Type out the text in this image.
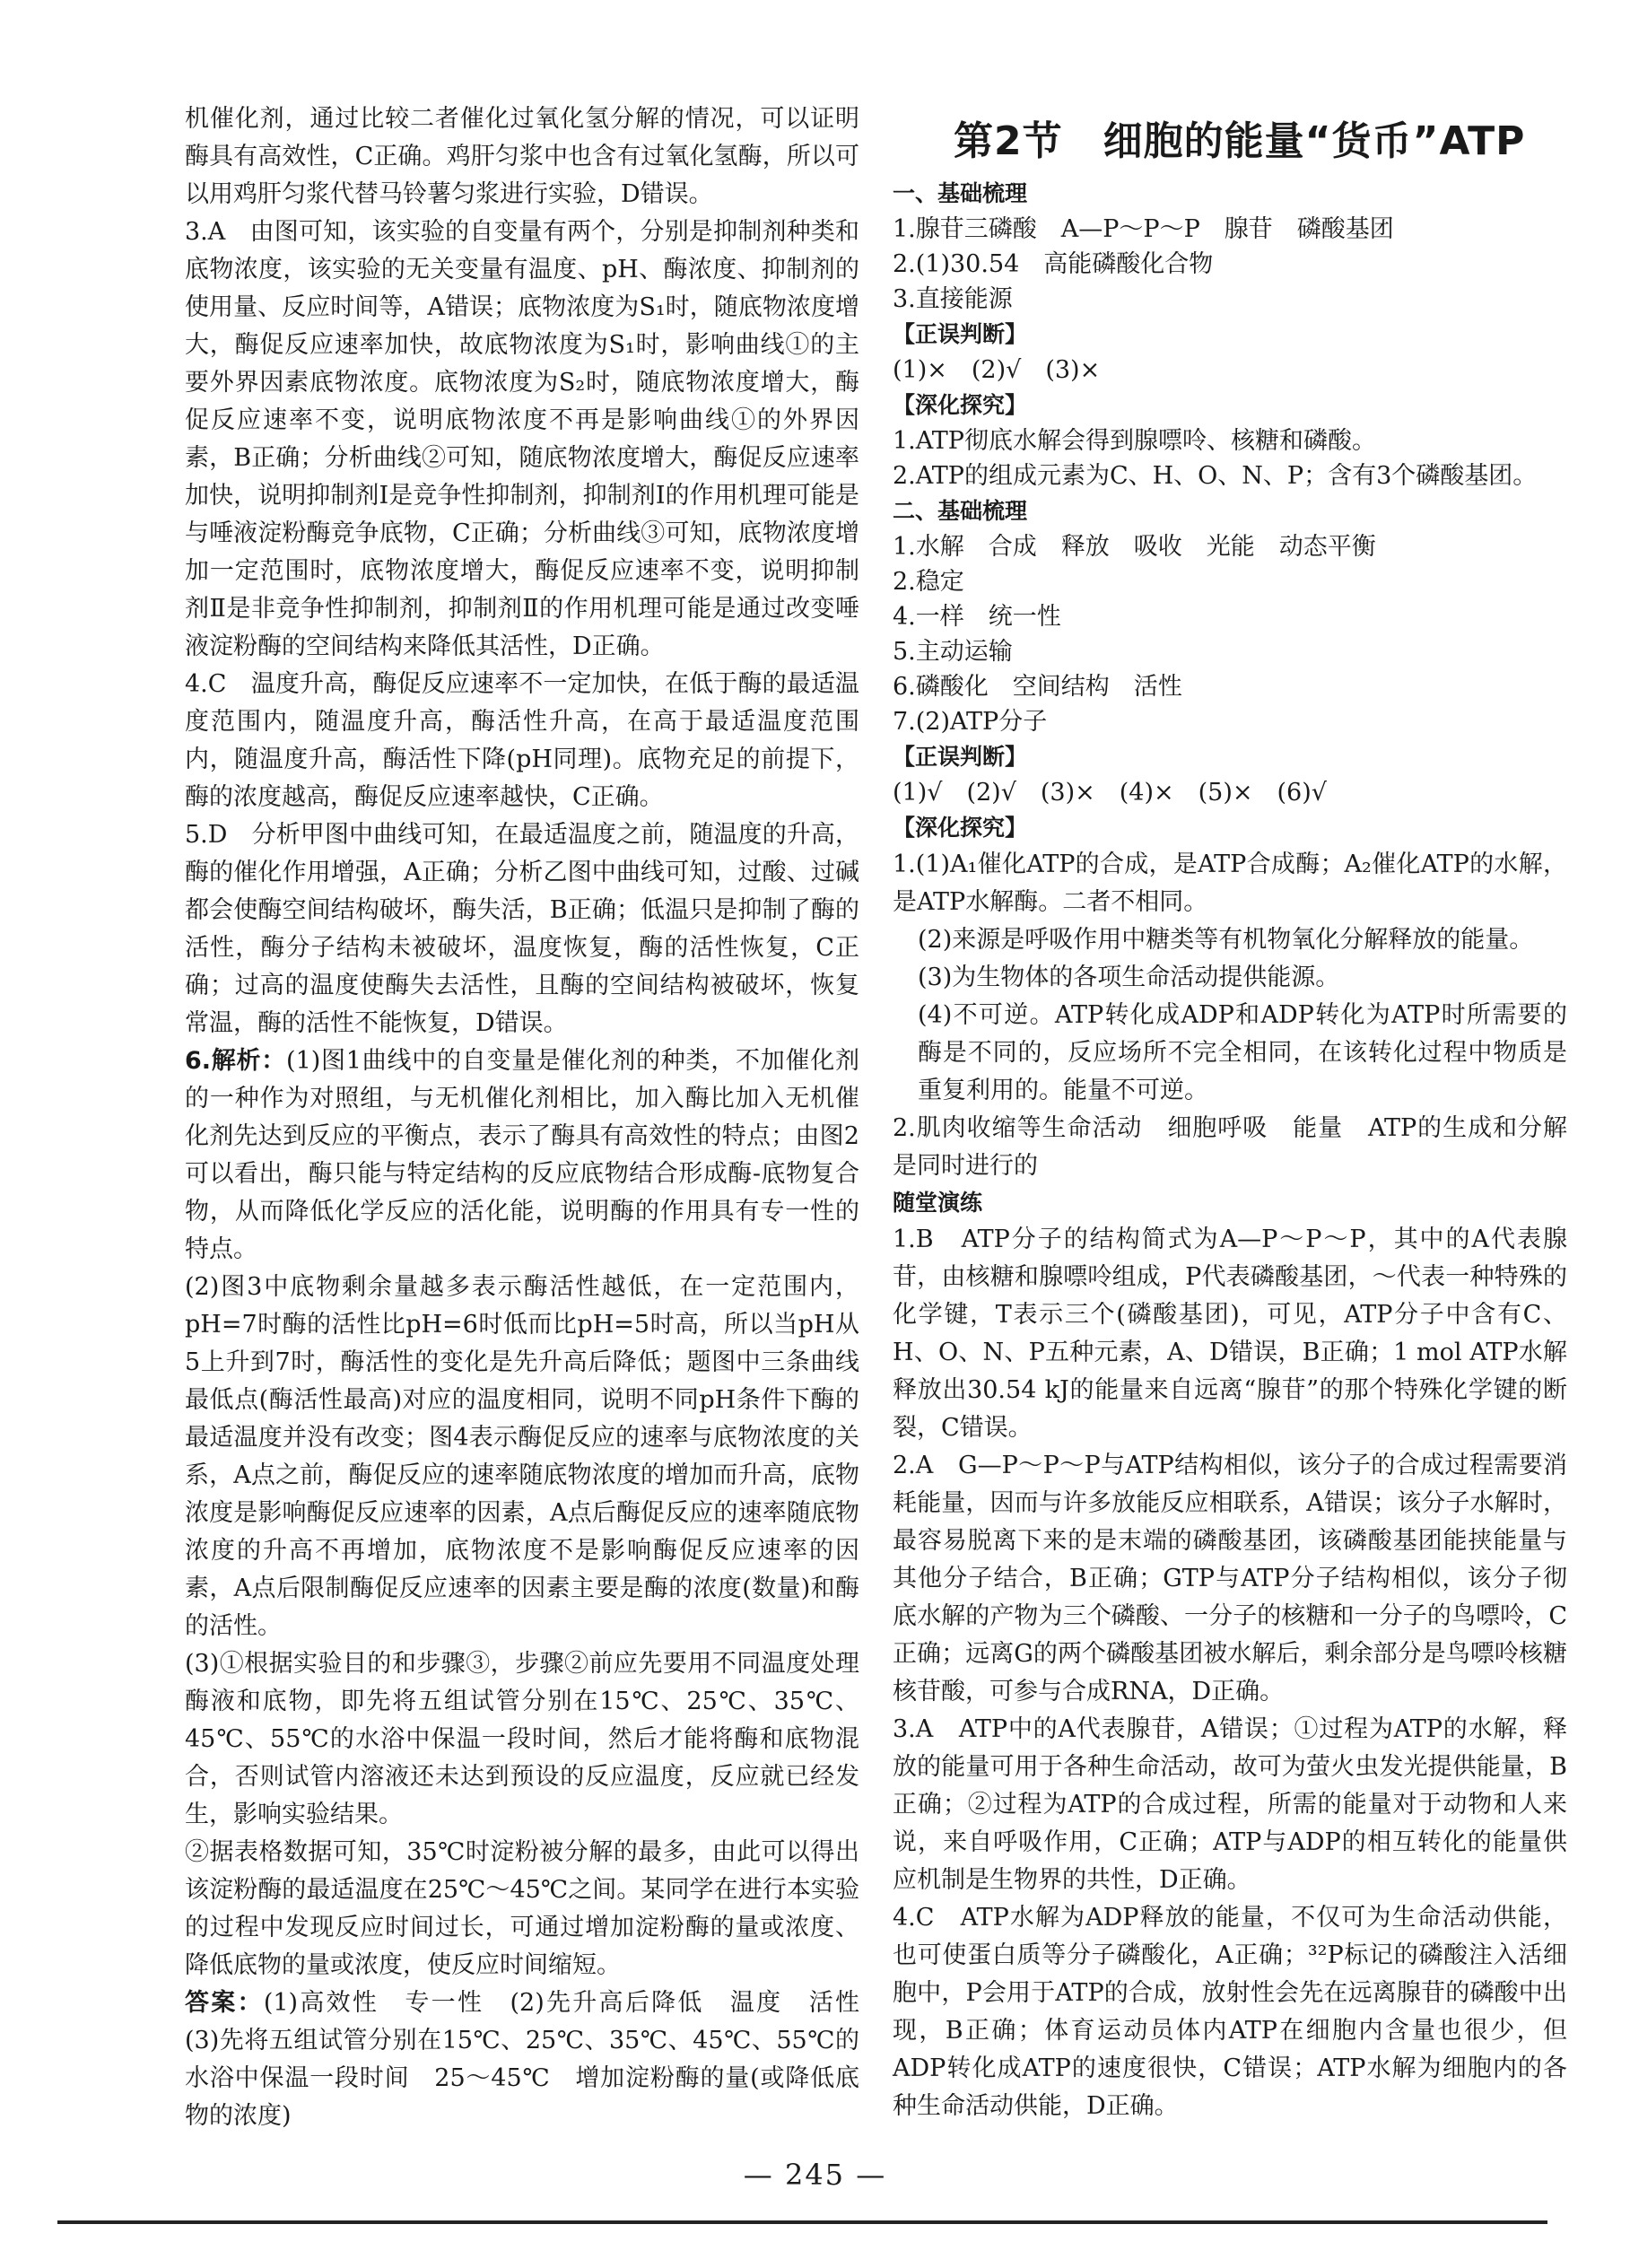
机催化剂，通过比较二者催化过氧化氢分解的情况，可以证明酶具有高效性，C正确。鸡肝匀浆中也含有过氧化氢酶，所以可以用鸡肝匀浆代替马铃薯匀浆进行实验，D错误。

3.A　由图可知，该实验的自变量有两个，分别是抑制剂种类和底物浓度，该实验的无关变量有温度、pH、酶浓度、抑制剂的使用量、反应时间等，A错误；底物浓度为S₁时，随底物浓度增大，酶促反应速率加快，故底物浓度为S₁时，影响曲线①的主要外界因素底物浓度。底物浓度为S₂时，随底物浓度增大，酶促反应速率不变，说明底物浓度不再是影响曲线①的外界因素，B正确；分析曲线②可知，随底物浓度增大，酶促反应速率加快，说明抑制剂Ⅰ是竞争性抑制剂，抑制剂Ⅰ的作用机理可能是与唾液淀粉酶竞争底物，C正确；分析曲线③可知，底物浓度增加一定范围时，底物浓度增大，酶促反应速率不变，说明抑制剂Ⅱ是非竞争性抑制剂，抑制剂Ⅱ的作用机理可能是通过改变唾液淀粉酶的空间结构来降低其活性，D正确。

4.C　温度升高，酶促反应速率不一定加快，在低于酶的最适温度范围内，随温度升高，酶活性升高，在高于最适温度范围内，随温度升高，酶活性下降(pH同理)。底物充足的前提下，酶的浓度越高，酶促反应速率越快，C正确。

5.D　分析甲图中曲线可知，在最适温度之前，随温度的升高，酶的催化作用增强，A正确；分析乙图中曲线可知，过酸、过碱都会使酶空间结构破坏，酶失活，B正确；低温只是抑制了酶的活性，酶分子结构未被破坏，温度恢复，酶的活性恢复，C正确；过高的温度使酶失去活性，且酶的空间结构被破坏，恢复常温，酶的活性不能恢复，D错误。

6.解析：(1)图1曲线中的自变量是催化剂的种类，不加催化剂的一种作为对照组，与无机催化剂相比，加入酶比加入无机催化剂先达到反应的平衡点，表示了酶具有高效性的特点；由图2可以看出，酶只能与特定结构的反应底物结合形成酶-底物复合物，从而降低化学反应的活化能，说明酶的作用具有专一性的特点。

(2)图3中底物剩余量越多表示酶活性越低，在一定范围内，pH=7时酶的活性比pH=6时低而比pH=5时高，所以当pH从5上升到7时，酶活性的变化是先升高后降低；题图中三条曲线最低点(酶活性最高)对应的温度相同，说明不同pH条件下酶的最适温度并没有改变；图4表示酶促反应的速率与底物浓度的关系，A点之前，酶促反应的速率随底物浓度的增加而升高，底物浓度是影响酶促反应速率的因素，A点后酶促反应的速率随底物浓度的升高不再增加，底物浓度不是影响酶促反应速率的因素，A点后限制酶促反应速率的因素主要是酶的浓度(数量)和酶的活性。

(3)①根据实验目的和步骤③，步骤②前应先要用不同温度处理酶液和底物，即先将五组试管分别在15℃、25℃、35℃、45℃、55℃的水浴中保温一段时间，然后才能将酶和底物混合，否则试管内溶液还未达到预设的反应温度，反应就已经发生，影响实验结果。

②据表格数据可知，35℃时淀粉被分解的最多，由此可以得出该淀粉酶的最适温度在25℃～45℃之间。某同学在进行本实验的过程中发现反应时间过长，可通过增加淀粉酶的量或浓度、降低底物的量或浓度，使反应时间缩短。

答案：(1)高效性　专一性　(2)先升高后降低　温度　活性　(3)先将五组试管分别在15℃、25℃、35℃、45℃、55℃的水浴中保温一段时间　25～45℃　增加淀粉酶的量(或降低底物的浓度)

第2节　细胞的能量“货币”ATP

一、基础梳理

1.腺苷三磷酸　A—P～P～P　腺苷　磷酸基团

2.(1)30.54　高能磷酸化合物

3.直接能源

【正误判断】

(1)×　(2)√　(3)×

【深化探究】

1.ATP彻底水解会得到腺嘌呤、核糖和磷酸。

2.ATP的组成元素为C、H、O、N、P；含有3个磷酸基团。

二、基础梳理

1.水解　合成　释放　吸收　光能　动态平衡

2.稳定

4.一样　统一性

5.主动运输

6.磷酸化　空间结构　活性

7.(2)ATP分子

【正误判断】

(1)√　(2)√　(3)×　(4)×　(5)×　(6)√

【深化探究】

1.(1)A₁催化ATP的合成，是ATP合成酶；A₂催化ATP的水解，是ATP水解酶。二者不相同。

(2)来源是呼吸作用中糖类等有机物氧化分解释放的能量。

(3)为生物体的各项生命活动提供能源。

(4)不可逆。ATP转化成ADP和ADP转化为ATP时所需要的酶是不同的，反应场所不完全相同，在该转化过程中物质是重复利用的。能量不可逆。

2.肌肉收缩等生命活动　细胞呼吸　能量　ATP的生成和分解是同时进行的

随堂演练

1.B　ATP分子的结构简式为A—P～P～P，其中的A代表腺苷，由核糖和腺嘌呤组成，P代表磷酸基团，～代表一种特殊的化学键，T表示三个(磷酸基团)，可见，ATP分子中含有C、H、O、N、P五种元素，A、D错误，B正确；1 mol ATP水解释放出30.54 kJ的能量来自远离“腺苷”的那个特殊化学键的断裂，C错误。

2.A　G—P～P～P与ATP结构相似，该分子的合成过程需要消耗能量，因而与许多放能反应相联系，A错误；该分子水解时，最容易脱离下来的是末端的磷酸基团，该磷酸基团能挟能量与其他分子结合，B正确；GTP与ATP分子结构相似，该分子彻底水解的产物为三个磷酸、一分子的核糖和一分子的鸟嘌呤，C正确；远离G的两个磷酸基团被水解后，剩余部分是鸟嘌呤核糖核苷酸，可参与合成RNA，D正确。

3.A　ATP中的A代表腺苷，A错误；①过程为ATP的水解，释放的能量可用于各种生命活动，故可为萤火虫发光提供能量，B正确；②过程为ATP的合成过程，所需的能量对于动物和人来说，来自呼吸作用，C正确；ATP与ADP的相互转化的能量供应机制是生物界的共性，D正确。

4.C　ATP水解为ADP释放的能量，不仅可为生命活动供能，也可使蛋白质等分子磷酸化，A正确；³²P标记的磷酸注入活细胞中，P会用于ATP的合成，放射性会先在远离腺苷的磷酸中出现，B正确；体育运动员体内ATP在细胞内含量也很少，但ADP转化成ATP的速度很快，C错误；ATP水解为细胞内的各种生命活动供能，D正确。

— 245 —
